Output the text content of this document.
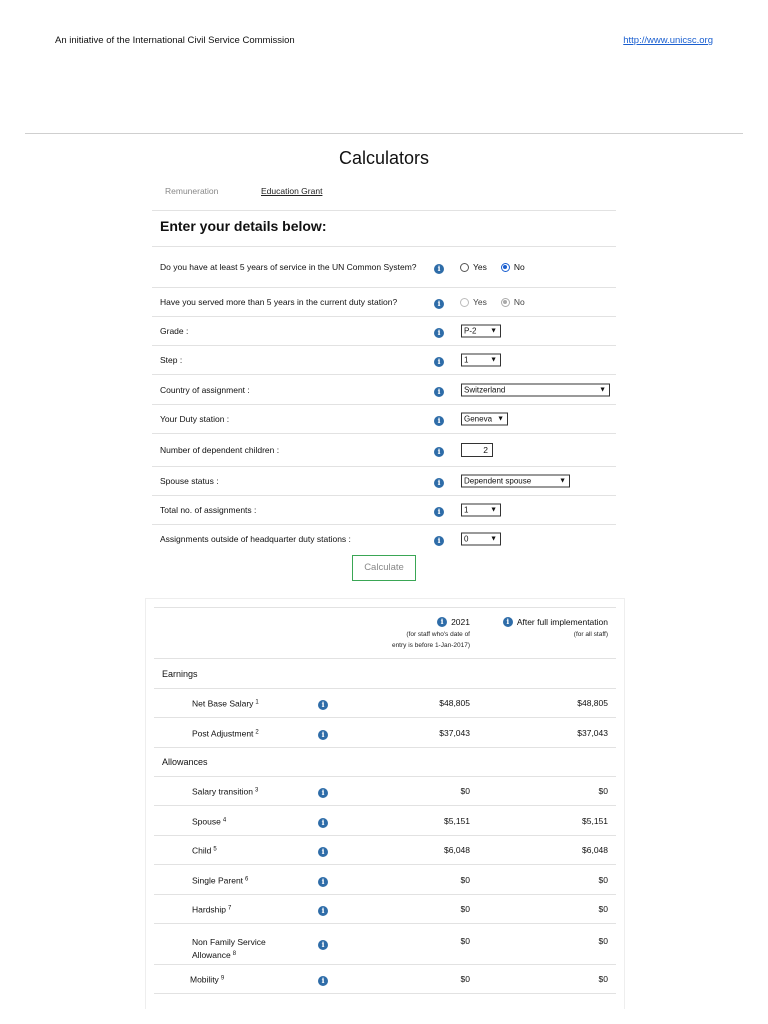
An initiative of the International Civil Service Commission	http://www.unicsc.org
Calculators
Remuneration	Education Grant
Enter your details below:
Do you have at least 5 years of service in the UN Common System?	i	Yes	No
Have you served more than 5 years in the current duty station?	i	Yes	No
Grade :	i	P-2 ▼
Step :	i	1	▼
Country of assignment :	i	Switzerland	▼
Your Duty station :	i	Geneva ▼
Number of dependent children :	i	2
Spouse status :	i	Dependent spouse	▼
Total no. of assignments :	i	1	▼
Assignments outside of headquarter duty stations :	i	0	▼
Calculate
i 2021
(for staff who's date of
entry is before 1-Jan-2017)
i After full implementation
(for all staff)
Earnings
Net Base Salary $^1$	i	$48,805	$48,805
Post Adjustment $^2$	i	$37,043	$37,043
Allowances
Salary transition $^3$	i	$0	$0
Spouse $^4$	i	$5,151	$5,151
Child $^5$	i	$6,048	$6,048
Single Parent $^6$	i	$0	$0
Hardship $^7$	i	$0	$0
Non Family Service Allowance $^8$
i	$0	$0
Mobility $^9$	i	$0	$0
